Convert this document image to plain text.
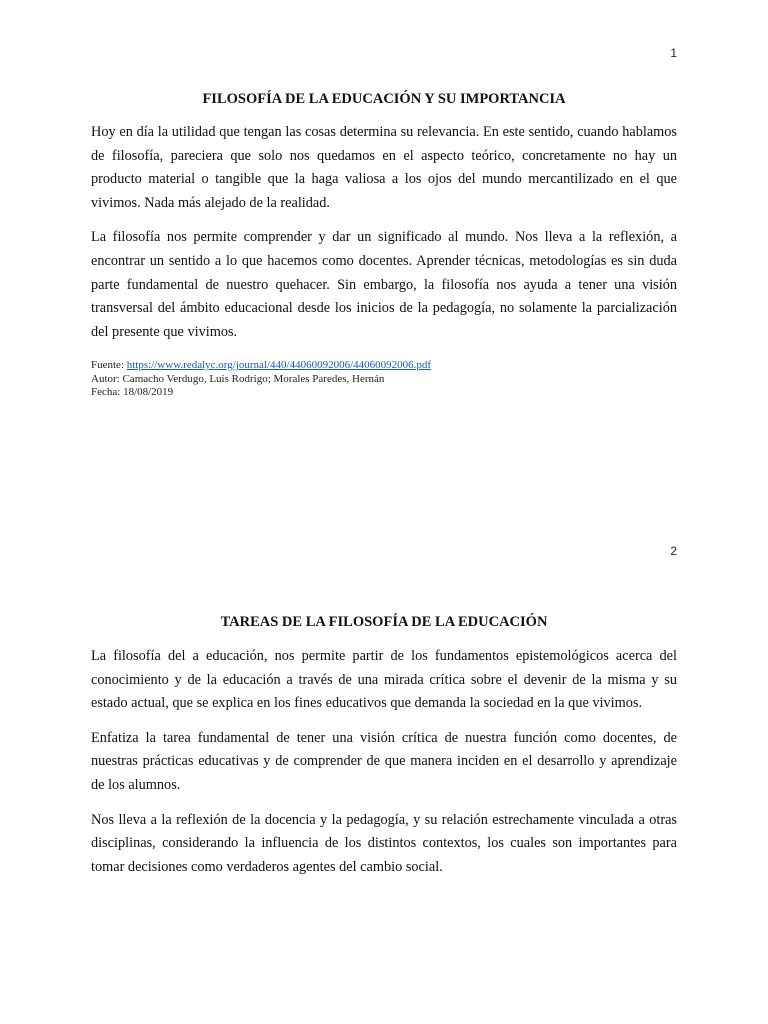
1
FILOSOFÍA DE LA EDUCACIÓN Y SU IMPORTANCIA

Hoy en día la utilidad que tengan las cosas determina su relevancia. En este sentido, cuando hablamos de filosofía, pareciera que solo nos quedamos en el aspecto teórico, concretamente no hay un producto material o tangible que la haga valiosa a los ojos del mundo mercantilizado en el que vivimos. Nada más alejado de la realidad.

La filosofía nos permite comprender y dar un significado al mundo. Nos lleva a la reflexión, a encontrar un sentido a lo que hacemos como docentes. Aprender técnicas, metodologías es sin duda parte fundamental de nuestro quehacer. Sin embargo, la filosofía nos ayuda a tener una visión transversal del ámbito educacional desde los inicios de la pedagogía, no solamente la parcialización del presente que vivimos.

Fuente: https://www.redalyc.org/journal/440/44060092006/44060092006.pdf
Autor: Camacho Verdugo, Luis Rodrigo; Morales Paredes, Hernán
Fecha: 18/08/2019
2
TAREAS DE LA FILOSOFÍA DE LA EDUCACIÓN

La filosofía del a educación, nos permite partir de los fundamentos epistemológicos acerca del conocimiento y de la educación a través de una mirada crítica sobre el devenir de la misma y su estado actual, que se explica en los fines educativos que demanda la sociedad en la que vivimos.

Enfatiza la tarea fundamental de tener una visión crítica de nuestra función como docentes, de nuestras prácticas educativas y de comprender de que manera inciden en el desarrollo y aprendizaje de los alumnos.

Nos lleva a la reflexión de la docencia y la pedagogía, y su relación estrechamente vinculada a otras disciplinas, considerando la influencia de los distintos contextos, los cuales son importantes para tomar decisiones como verdaderos agentes del cambio social.
